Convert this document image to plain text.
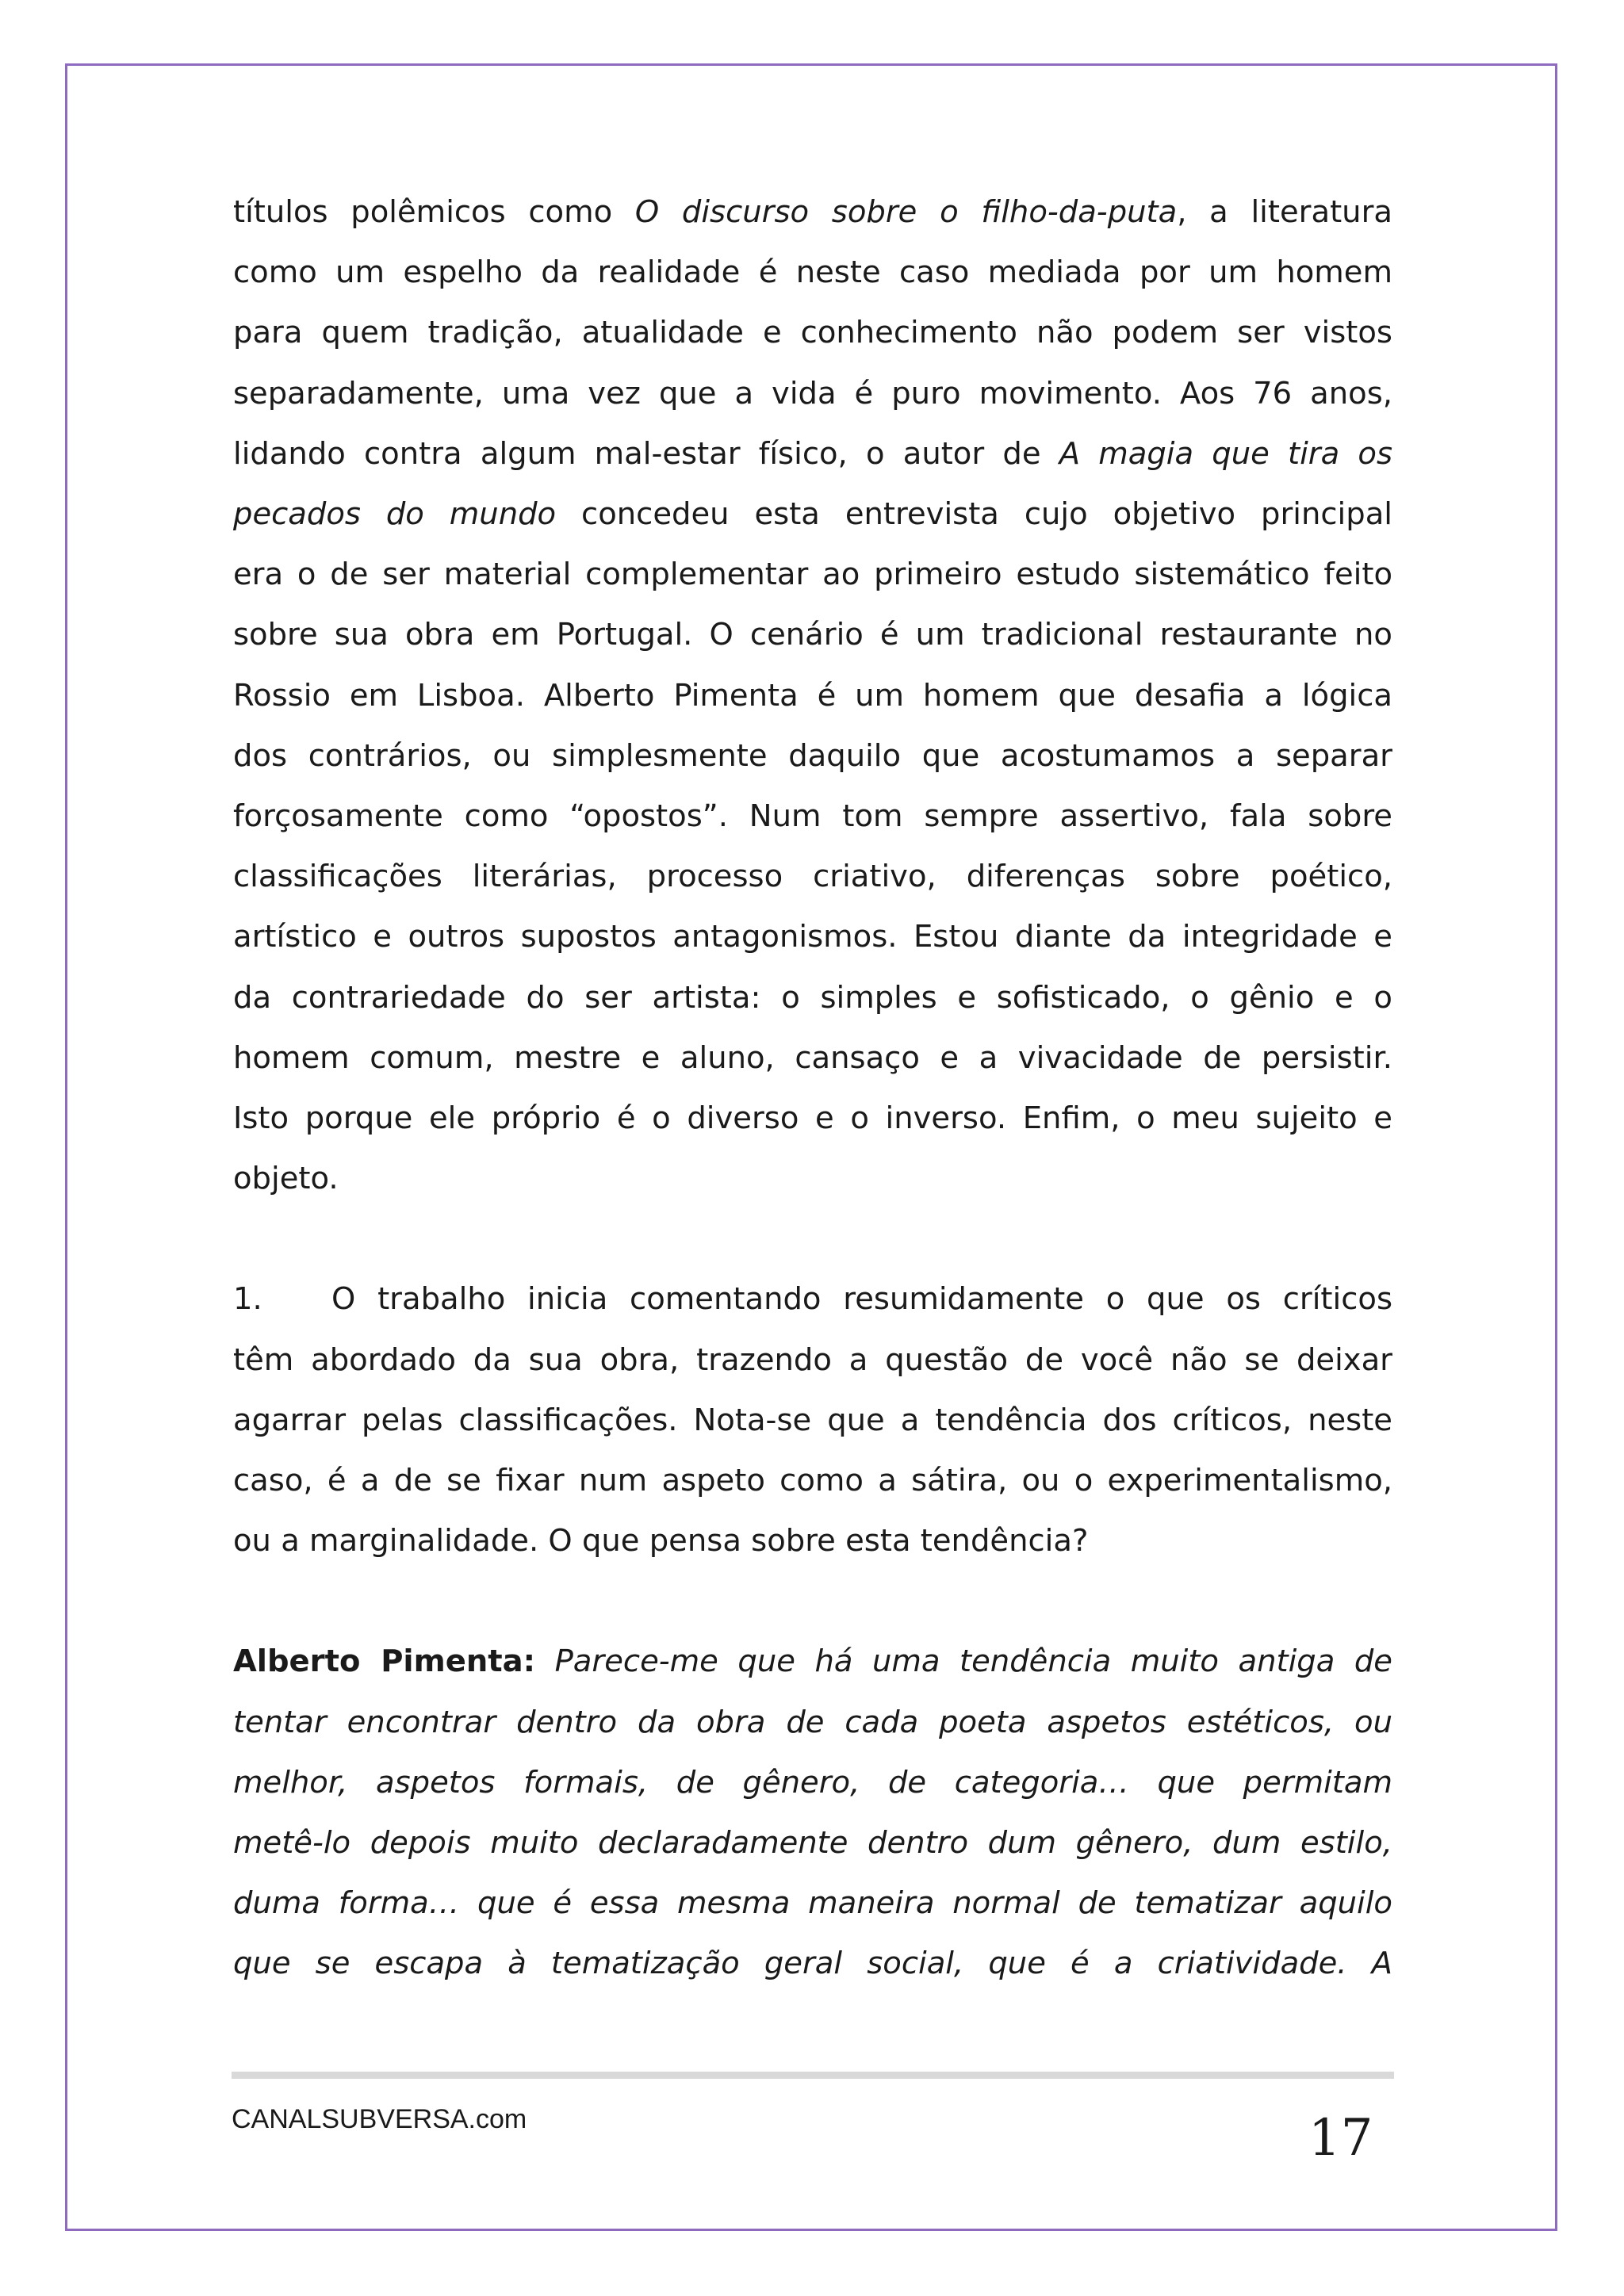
títulos polêmicos como O discurso sobre o filho-da-puta, a literatura
como um espelho da realidade é neste caso mediada por um homem
para quem tradição, atualidade e conhecimento não podem ser vistos
separadamente, uma vez que a vida é puro movimento. Aos 76 anos,
lidando contra algum mal-estar físico, o autor de A magia que tira os
pecados do mundo concedeu esta entrevista cujo objetivo principal
era o de ser material complementar ao primeiro estudo sistemático feito
sobre sua obra em Portugal. O cenário é um tradicional restaurante no
Rossio em Lisboa. Alberto Pimenta é um homem que desafia a lógica
dos contrários, ou simplesmente daquilo que acostumamos a separar
forçosamente como “opostos”. Num tom sempre assertivo, fala sobre
classificações literárias, processo criativo, diferenças sobre poético,
artístico e outros supostos antagonismos. Estou diante da integridade e
da contrariedade do ser artista: o simples e sofisticado, o gênio e o
homem comum, mestre e aluno, cansaço e a vivacidade de persistir.
Isto porque ele próprio é o diverso e o inverso. Enfim, o meu sujeito e
objeto.
1. O trabalho inicia comentando resumidamente o que os críticos
têm abordado da sua obra, trazendo a questão de você não se deixar
agarrar pelas classificações. Nota-se que a tendência dos críticos, neste
caso, é a de se fixar num aspeto como a sátira, ou o experimentalismo,
ou a marginalidade. O que pensa sobre esta tendência?
Alberto Pimenta: Parece-me que há uma tendência muito antiga de
tentar encontrar dentro da obra de cada poeta aspetos estéticos, ou
melhor, aspetos formais, de gênero, de categoria… que permitam
metê-lo depois muito declaradamente dentro dum gênero, dum estilo,
duma forma… que é essa mesma maneira normal de tematizar aquilo
que se escapa à tematização geral social, que é a criatividade. A
CANALSUBVERSA.com	17
